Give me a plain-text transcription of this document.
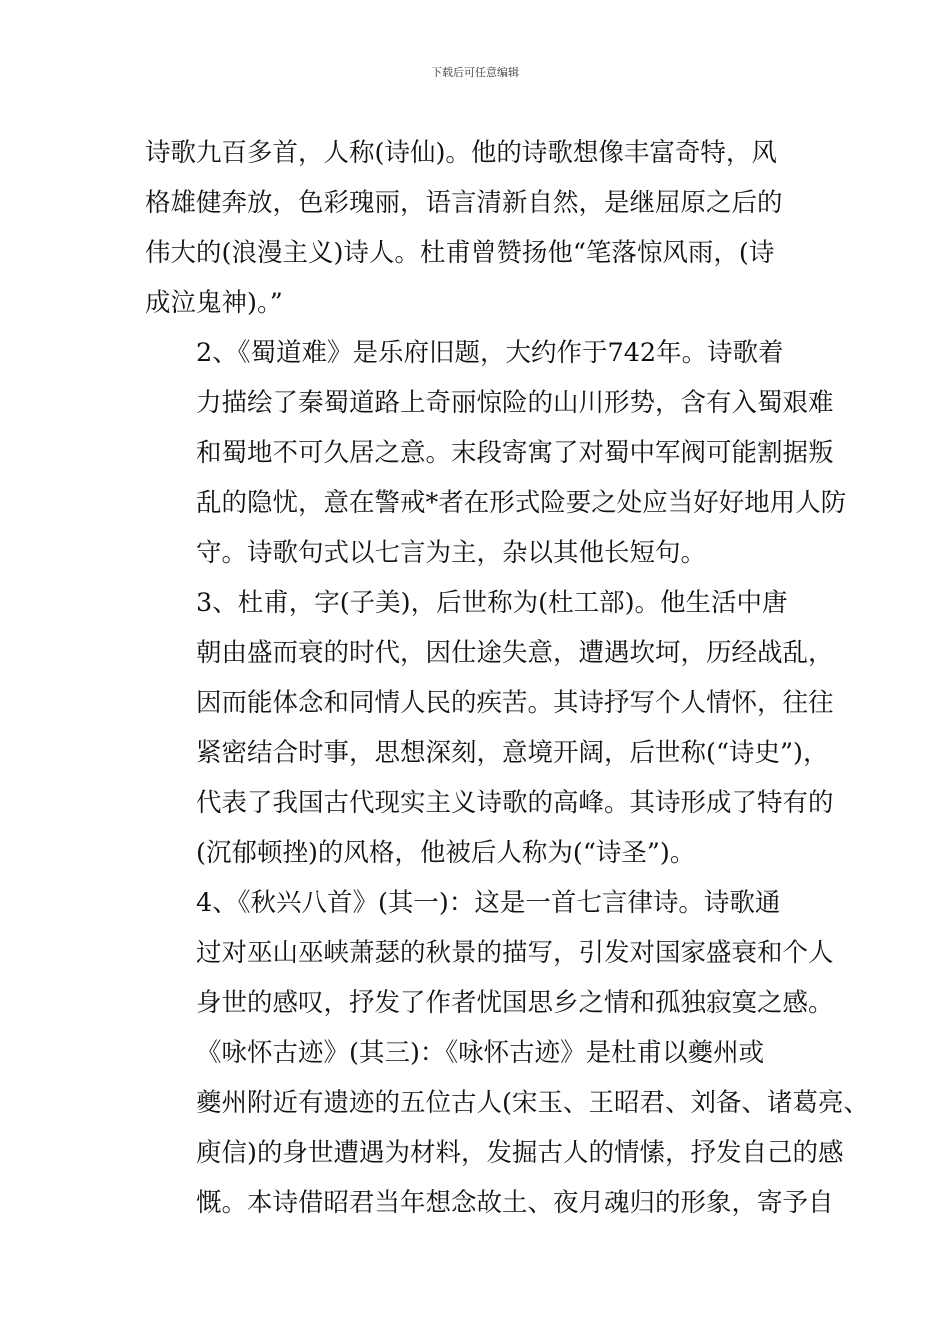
下载后可任意编辑
诗歌九百多首，人称(诗仙)。他的诗歌想像丰富奇特，风
格雄健奔放，色彩瑰丽，语言清新自然，是继屈原之后的
伟大的(浪漫主义)诗人。杜甫曾赞扬他“笔落惊风雨，(诗
成泣鬼神)。”
2、《蜀道难》是乐府旧题，大约作于742年。诗歌着
力描绘了秦蜀道路上奇丽惊险的山川形势，含有入蜀艰难
和蜀地不可久居之意。末段寄寓了对蜀中军阀可能割据叛
乱的隐忧，意在警戒*者在形式险要之处应当好好地用人防
守。诗歌句式以七言为主，杂以其他长短句。
3、杜甫，字(子美)，后世称为(杜工部)。他生活中唐
朝由盛而衰的时代，因仕途失意，遭遇坎坷，历经战乱，
因而能体念和同情人民的疾苦。其诗抒写个人情怀，往往
紧密结合时事，思想深刻，意境开阔，后世称(“诗史”)，
代表了我国古代现实主义诗歌的高峰。其诗形成了特有的
(沉郁顿挫)的风格，他被后人称为(“诗圣”)。
4、《秋兴八首》(其一)：这是一首七言律诗。诗歌通
过对巫山巫峡萧瑟的秋景的描写，引发对国家盛衰和个人
身世的感叹，抒发了作者忧国思乡之情和孤独寂寞之感。
《咏怀古迹》(其三)：《咏怀古迹》是杜甫以夔州或
夔州附近有遗迹的五位古人(宋玉、王昭君、刘备、诸葛亮、
庾信)的身世遭遇为材料，发掘古人的情愫，抒发自己的感
慨。本诗借昭君当年想念故土、夜月魂归的形象，寄予自
